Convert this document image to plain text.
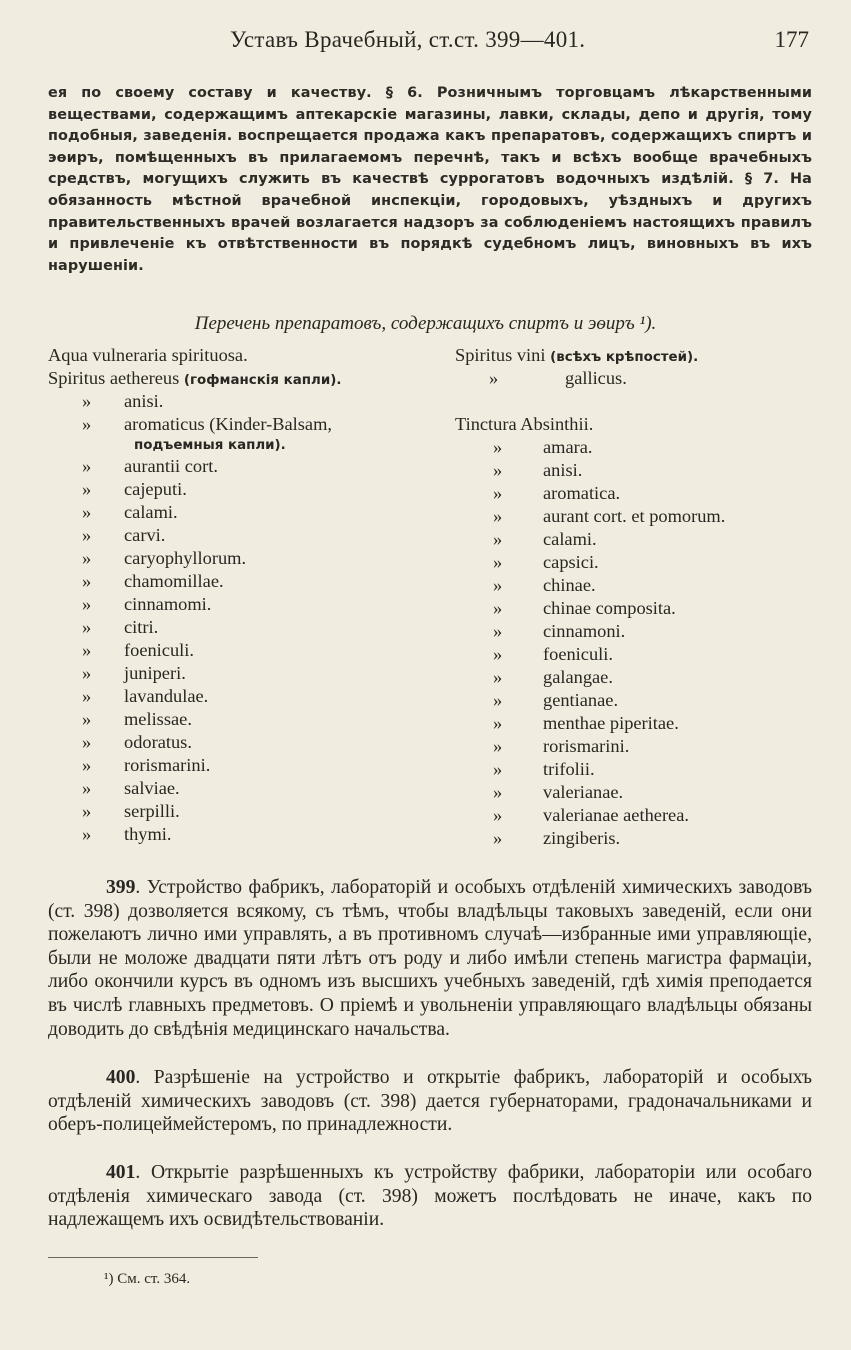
Уставъ Врачебный, ст.ст. 399—401.	177
ея по своему составу и качеству. § 6. Розничнымъ торговцамъ лѣкарственными веществами, содержащимъ аптекарскіе магазины, лавки, склады, депо и другія, тому подобныя, заведенія. воспрещается продажа какъ препаратовъ, содержащихъ спиртъ и эѳиръ, помѣщенныхъ въ прилагаемомъ перечнѣ, такъ и всѣхъ вообще врачебныхъ средствъ, могущихъ служить въ качествѣ суррогатовъ водочныхъ издѣлій. § 7. На обязанность мѣстной врачебной инспекціи, городовыхъ, уѣздныхъ и другихъ правительственныхъ врачей возлагается надзоръ за соблюденіемъ настоящихъ правилъ и привлеченіе къ отвѣтственности въ порядкѣ судебномъ лицъ, виновныхъ въ ихъ нарушеніи.
Перечень препаратовъ, содержащихъ спиртъ и эѳиръ ¹).
Aqua vulneraria spirituosa.
Spiritus aethereus (гофманскія капли).
»	anisi.
»	aromaticus (Kinder-Balsam,
подъемныя капли).
»	aurantii cort.
»	cajeputi.
»	calami.
»	carvi.
»	caryophyllorum.
»	chamomillae.
»	cinnamomi.
»	citri.
»	foeniculi.
»	juniperi.
»	lavandulae.
»	melissae.
»	odoratus.
»	rorismarini.
»	salviae.
»	serpilli.
»	thymi.
Spiritus vini (всѣхъ крѣпостей).
»	gallicus.
Tinctura Absinthii.
»	amara.
»	anisi.
»	aromatica.
»	aurant cort. et pomorum.
»	calami.
»	capsici.
»	chinae.
»	chinae composita.
»	cinnamoni.
»	foeniculi.
»	galangae.
»	gentianae.
»	menthae piperitae.
»	rorismarini.
»	trifolii.
»	valerianae.
»	valerianae aetherea.
»	zingiberis.
399. Устройство фабрикъ, лабораторій и особыхъ отдѣленій химическихъ заводовъ (ст. 398) дозволяется всякому, съ тѣмъ, чтобы владѣльцы таковыхъ заведеній, если они пожелаютъ лично ими управлять, а въ противномъ случаѣ—избранные ими управляющіе, были не моложе двадцати пяти лѣтъ отъ роду и либо имѣли степень магистра фармаціи, либо окончили курсъ въ одномъ изъ высшихъ учебныхъ заведеній, гдѣ химія преподается въ числѣ главныхъ предметовъ. О пріемѣ и увольненіи управляющаго владѣльцы обязаны доводить до свѣдѣнія медицинскаго начальства.
400. Разрѣшеніе на устройство и открытіе фабрикъ, лабораторій и особыхъ отдѣленій химическихъ заводовъ (ст. 398) дается губернаторами, градоначальниками и оберъ-полицеймейстеромъ, по принадлежности.
401. Открытіе разрѣшенныхъ къ устройству фабрики, лабораторіи или особаго отдѣленія химическаго завода (ст. 398) можетъ послѣдовать не иначе, какъ по надлежащемъ ихъ освидѣтельствованіи.
¹) См. ст. 364.
